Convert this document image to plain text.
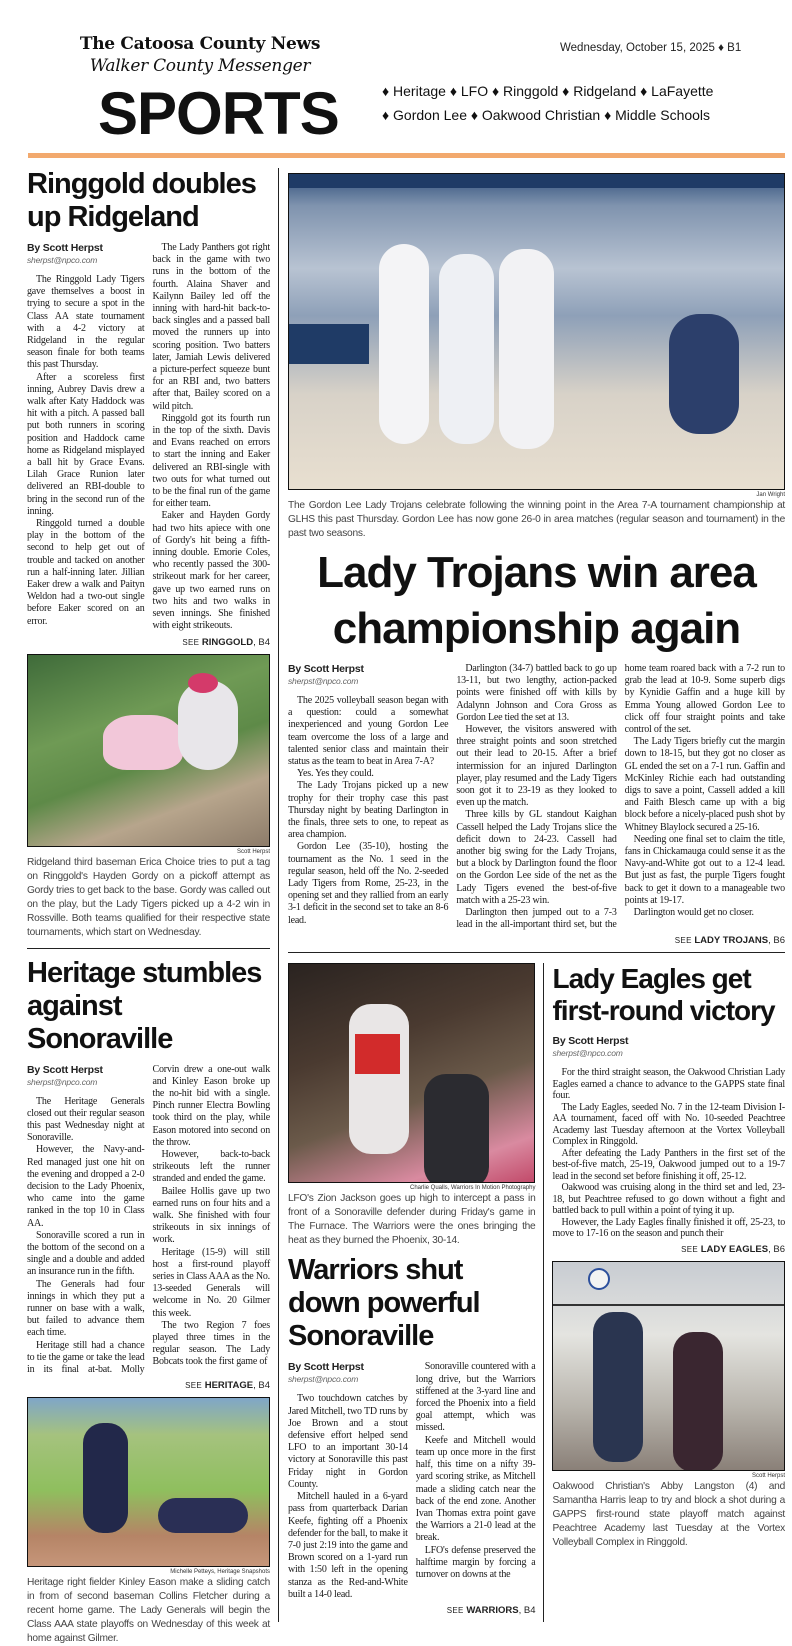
The Catoosa County News
Walker County Messenger
SPORTS
Wednesday, October 15, 2025 ♦ B1
♦ Heritage ♦ LFO ♦ Ringgold ♦ Ridgeland ♦ LaFayette
♦ Gordon Lee ♦ Oakwood Christian ♦ Middle Schools
Ringgold doubles up Ridgeland
By Scott Herpst
sherpst@npco.com

The Ringgold Lady Tigers gave themselves a boost in trying to secure a spot in the Class AA state tournament with a 4-2 victory at Ridgeland in the regular season finale for both teams this past Thursday.

After a scoreless first inning, Aubrey Davis drew a walk after Katy Haddock was hit with a pitch. A passed ball put both runners in scoring position and Haddock came home as Ridgeland misplayed a ball hit by Grace Evans. Lilah Grace Runion later delivered an RBI-double to bring in the second run of the inning.

Ringgold turned a double play in the bottom of the second to help get out of trouble and tacked on another run a half-inning later. Jillian Eaker drew a walk and Paityn Weldon had a two-out single before Eaker scored on an error.

The Lady Panthers got right back in the game with two runs in the bottom of the fourth. Alaina Shaver and Kailynn Bailey led off the inning with hard-hit back-to-back singles and a passed ball moved the runners up into scoring position. Two batters later, Jamiah Lewis delivered a picture-perfect squeeze bunt for an RBI and, two batters after that, Bailey scored on a wild pitch.

Ringgold got its fourth run in the top of the sixth. Davis and Evans reached on errors to start the inning and Eaker delivered an RBI-single with two outs for what turned out to be the final run of the game for either team.

Eaker and Hayden Gordy had two hits apiece with one of Gordy's hit being a fifth-inning double. Emorie Coles, who recently passed the 300-strikeout mark for her career, gave up two earned runs on two hits and two walks in seven innings. She finished with eight strikeouts.

SEE RINGGOLD, B4
Scott Herpst
Ridgeland third baseman Erica Choice tries to put a tag on Ringgold's Hayden Gordy on a pickoff attempt as Gordy tries to get back to the base. Gordy was called out on the play, but the Lady Tigers picked up a 4-2 win in Rossville. Both teams qualified for their respective state tournaments, which start on Wednesday.
Heritage stumbles against Sonoraville
By Scott Herpst
sherpst@npco.com

The Heritage Generals closed out their regular season this past Wednesday night at Sonoraville.

However, the Navy-and-Red managed just one hit on the evening and dropped a 2-0 decision to the Lady Phoenix, who came into the game ranked in the top 10 in Class AA.

Sonoraville scored a run in the bottom of the second on a single and a double and added an insurance run in the fifth.

The Generals had four innings in which they put a runner on base with a walk, but failed to advance them each time.

Heritage still had a chance to tie the game or take the lead in its final at-bat. Molly Corvin drew a one-out walk and Kinley Eason broke up the no-hit bid with a single. Pinch runner Electra Bowling took third on the play, while Eason motored into second on the throw.

However, back-to-back strikeouts left the runner stranded and ended the game.

Bailee Hollis gave up two earned runs on four hits and a walk. She finished with four strikeouts in six innings of work.

Heritage (15-9) will still host a first-round playoff series in Class AAA as the No. 13-seeded Generals will welcome in No. 20 Gilmer this week.

The two Region 7 foes played three times in the regular season. The Lady Bobcats took the first game of

SEE HERITAGE, B4
Michelle Petteys, Heritage Snapshots
Heritage right fielder Kinley Eason make a sliding catch in from of second baseman Collins Fletcher during a recent home game. The Lady Generals will begin the Class AAA state playoffs on Wednesday of this week at home against Gilmer.
Jan Wright
The Gordon Lee Lady Trojans celebrate following the winning point in the Area 7-A tournament championship at GLHS this past Thursday. Gordon Lee has now gone 26-0 in area matches (regular season and tournament) in the past two seasons.
Lady Trojans win area championship again
By Scott Herpst
sherpst@npco.com

The 2025 volleyball season began with a question: could a somewhat inexperienced and young Gordon Lee team overcome the loss of a large and talented senior class and maintain their status as the team to beat in Area 7-A?

Yes. Yes they could.

The Lady Trojans picked up a new trophy for their trophy case this past Thursday night by beating Darlington in the finals, three sets to one, to repeat as area champion.

Gordon Lee (35-10), hosting the tournament as the No. 1 seed in the regular season, held off the No. 2-seeded Lady Tigers from Rome, 25-23, in the opening set and they rallied from an early 3-1 deficit in the second set to take an 8-6 lead.

Darlington (34-7) battled back to go up 13-11, but two lengthy, action-packed points were finished off with kills by Adalynn Johnson and Cora Gross as Gordon Lee tied the set at 13.

However, the visitors answered with three straight points and soon stretched out their lead to 20-15. After a brief intermission for an injured Darlington player, play resumed and the Lady Tigers soon got it to 23-19 as they looked to even up the match.

Three kills by GL standout Kaighan Cassell helped the Lady Trojans slice the deficit down to 24-23. Cassell had another big swing for the Lady Trojans, but a block by Darlington found the floor on the Gordon Lee side of the net as the Lady Tigers evened the best-of-five match with a 25-23 win.

Darlington then jumped out to a 7-3 lead in the all-important third set, but the home team roared back with a 7-2 run to grab the lead at 10-9. Some superb digs by Kynidie Gaffin and a huge kill by Emma Young allowed Gordon Lee to click off four straight points and take control of the set.

The Lady Tigers briefly cut the margin down to 18-15, but they got no closer as GL ended the set on a 7-1 run. Gaffin and McKinley Richie each had outstanding digs to save a point, Cassell added a kill and Faith Blesch came up with a big block before a nicely-placed push shot by Whitney Blaylock secured a 25-16.

Needing one final set to claim the title, fans in Chickamauga could sense it as the Navy-and-White got out to a 12-4 lead. But just as fast, the purple Tigers fought back to get it down to a manageable two points at 19-17.

Darlington would get no closer.

SEE LADY TROJANS, B6
Charlie Qualls, Warriors In Motion Photography
LFO's Zion Jackson goes up high to intercept a pass in front of a Sonoraville defender during Friday's game in The Furnace. The Warriors were the ones bringing the heat as they burned the Phoenix, 30-14.
Warriors shut down powerful Sonoraville
By Scott Herpst
sherpst@npco.com

Two touchdown catches by Jared Mitchell, two TD runs by Joe Brown and a stout defensive effort helped send LFO to an important 30-14 victory at Sonoraville this past Friday night in Gordon County.

Mitchell hauled in a 6-yard pass from quarterback Darian Keefe, fighting off a Phoenix defender for the ball, to make it 7-0 just 2:19 into the game and Brown scored on a 1-yard run with 1:50 left in the opening stanza as the Red-and-White built a 14-0 lead.

Sonoraville countered with a long drive, but the Warriors stiffened at the 3-yard line and forced the Phoenix into a field goal attempt, which was missed.

Keefe and Mitchell would team up once more in the first half, this time on a nifty 39-yard scoring strike, as Mitchell made a sliding catch near the back of the end zone. Another Ivan Thomas extra point gave the Warriors a 21-0 lead at the break.

LFO's defense preserved the halftime margin by forcing a turnover on downs at the

SEE WARRIORS, B4
Lady Eagles get first-round victory
By Scott Herpst
sherpst@npco.com

For the third straight season, the Oakwood Christian Lady Eagles earned a chance to advance to the GAPPS state final four.

The Lady Eagles, seeded No. 7 in the 12-team Division I-AA tournament, faced off with No. 10-seeded Peachtree Academy last Tuesday afternoon at the Vortex Volleyball Complex in Ringgold.

After defeating the Lady Panthers in the first set of the best-of-five match, 25-19, Oakwood jumped out to a 19-7 lead in the second set before finishing it off, 25-12.

Oakwood was cruising along in the third set and led, 23-18, but Peachtree refused to go down without a fight and battled back to pull within a point of tying it up.

However, the Lady Eagles finally finished it off, 25-23, to move to 17-16 on the season and punch their

SEE LADY EAGLES, B6
Scott Herpst
Oakwood Christian's Abby Langston (4) and Samantha Harris leap to try and block a shot during a GAPPS first-round state playoff match against Peachtree Academy last Tuesday at the Vortex Volleyball Complex in Ringgold.
